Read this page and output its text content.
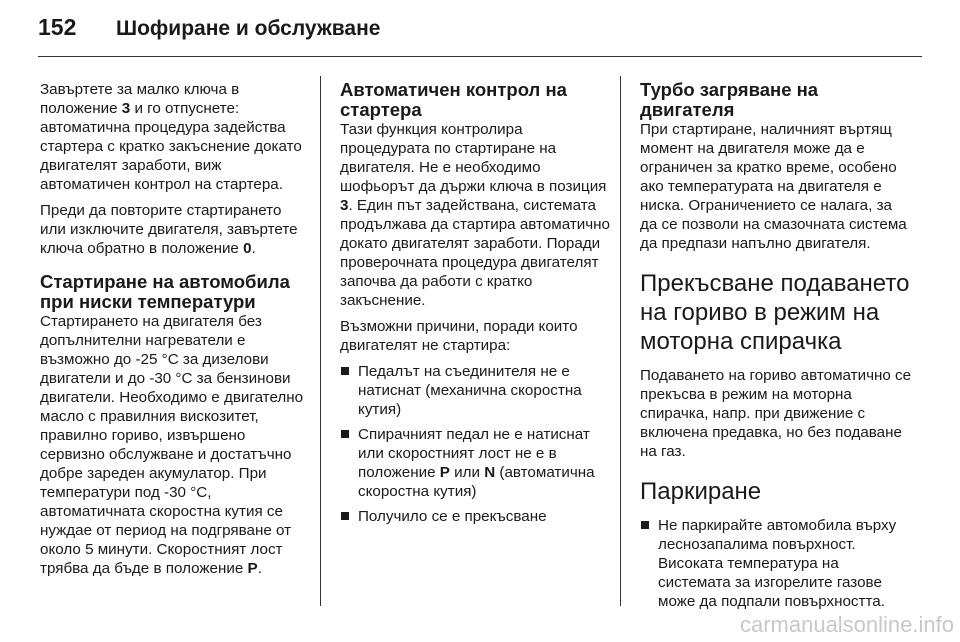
152	Шофиране и обслужване

Завъртете за малко ключа в положение 3 и го отпуснете: автоматична процедура задейства стартера с кратко закъснение докато двигателят заработи, виж автоматичен контрол на стартера.

Преди да повторите стартирането или изключите двигателя, завъртете ключа обратно в положение 0.

Стартиране на автомобила при ниски температури

Стартирането на двигателя без допълнителни нагреватели е възможно до -25 °C за дизелови двигатели и до -30 °C за бензинови двигатели. Необходимо е двигателно масло с правилния вискозитет, правилно гориво, извършено сервизно обслужване и достатъчно добре зареден акумулатор. При температури под -30 °C, автоматичната скоростна кутия се нуждае от период на подгряване от около 5 минути. Скоростният лост трябва да бъде в положение P.

Автоматичен контрол на стартера

Тази функция контролира процедурата по стартиране на двигателя. Не е необходимо шофьорът да държи ключа в позиция 3. Един път задействана, системата продължава да стартира автоматично докато двигателят заработи. Поради проверочната процедура двигателят започва да работи с кратко закъснение.

Възможни причини, поради които двигателят не стартира:

Педалът на съединителя не е натиснат (механична скоростна кутия)
Спирачният педал не е натиснат или скоростният лост не е в положение P или N (автоматична скоростна кутия)
Получило се е прекъсване
Турбо загряване на двигателя

При стартиране, наличният въртящ момент на двигателя може да е ограничен за кратко време, особено ако температурата на двигателя е ниска. Ограничението се налага, за да се позволи на смазочната система да предпази напълно двигателя.

Прекъсване подаването на гориво в режим на моторна спирачка

Подаването на гориво автоматично се прекъсва в режим на моторна спирачка, напр. при движение с включена предавка, но без подаване на газ.

Паркиране
Не паркирайте автомобила върху леснозапалима повърхност. Високата температура на системата за изгорелите газове може да подпали повърхността.
carmanualsonline.info
